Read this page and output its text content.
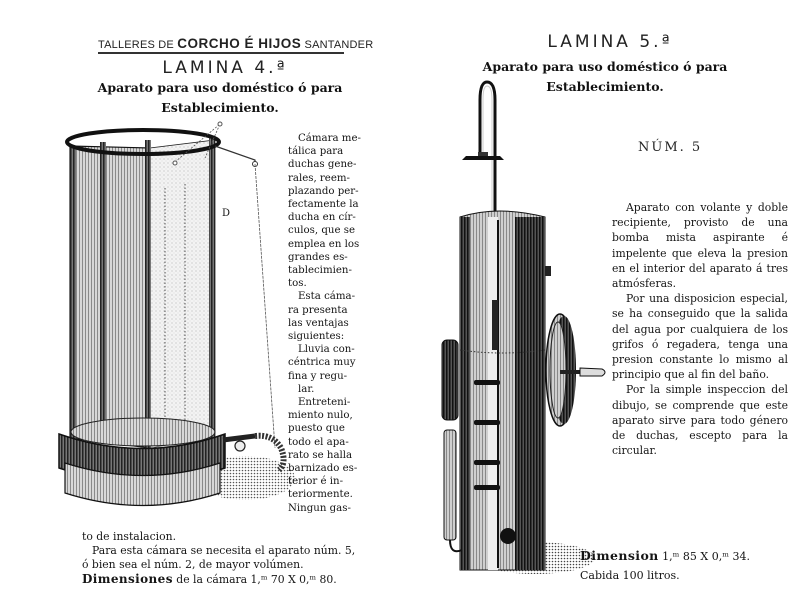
TALLERES DE CORCHO É HIJOS SANTANDER
LAMINA 4.ª
Aparato para uso doméstico ó para
Establecimiento.
D

Cámara me-

tálica para

duchas gene-

rales, reem-

plazando per-

fectamente la

ducha en cír-

culos, que se

emplea en los

grandes es-

tablecimien-

tos.

Esta cáma-

ra presenta

las ventajas

siguientes:

Lluvia con-

céntrica muy

fina y regu-

lar.

Entreteni-

miento nulo,

puesto que

todo el apa-

rato se halla

barnizado es-

terior é in-

teriormente.

Ningun gas-

to de instalacion.

Para esta cámara se necesita el aparato núm. 5,

ó bien sea el núm. 2, de mayor volúmen.

Dimensiones de la cámara 1,ᵐ 70 X 0,ᵐ 80.

LAMINA 5.ª
Aparato para uso doméstico ó para
Establecimiento.
NÚM. 5

Aparato con volante y doble recipiente, provisto de una bomba mista aspirante é impelente que eleva la presion en el interior del aparato á tres atmósferas.

Por una disposicion especial, se ha conseguido que la salida del agua por cualquiera de los grifos ó regadera, tenga una presion constante lo mismo al principio que al fin del baño.

Por la simple inspeccion del dibujo, se comprende que este aparato sirve para todo género de duchas, escepto para la circular.

Dimension 1,ᵐ 85 X 0,ᵐ 34.
Cabida 100 litros.
